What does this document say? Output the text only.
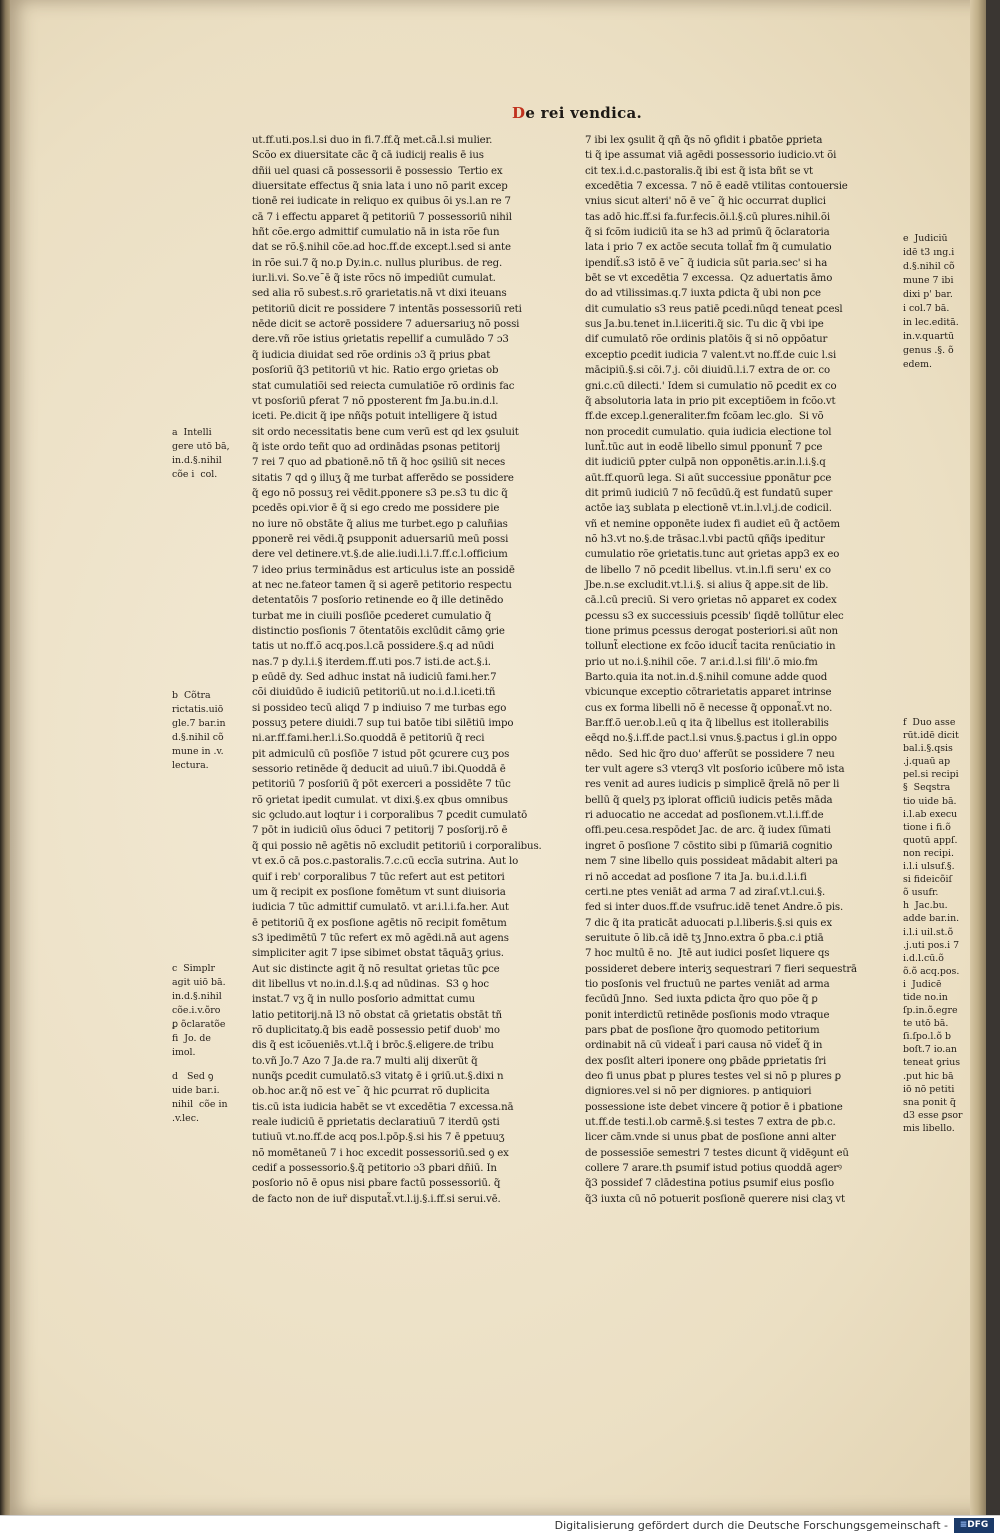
De rei vendica.
ut.ff.uti.pos.l.si duo in fi.7.ff.q̃ met.cā.l.si mulier.
Scõo ex diuersitate cāc q̃ cā iudicij realis ē ius
dñii uel quasi cā possessorii ē possessio  Tertio ex
diuersitate effectus q̃ snia lata i uno nõ parit excep
tionē rei iudicate in reliquo ex quibus õi ys.l.an re 7
cā 7 i effectu apparet q̃ petitoriū 7 possessoriū nihil
hñt cõe.ergo admittif cumulatio nā in ista rõe fun
dat se rõ.§.nihil cõe.ad hoc.ff.de except.l.sed si ante
in rõe sui.7 q̃ no.p Dy.in.c. nullus pluribus. de reg.
iur.li.vi. So.ve¯ē q̃ iste rõcs nõ impediūt cumulat.
sed alia rõ subest.s.rõ ꝯrarietatis.nā vt dixi iteuans
petitoriū dicit re possidere 7 intentās possessoriū reti
nēde dicit se actorē possidere 7 aduersariuʒ nõ possi
dere.vñ rõe istius ꝯrietatis repellif a cumulādo 7 ɔ3
q̃ iudicia diuidat sed rõe ordinis ɔ3 q̃ prius ꝑbat
posſoriū q̃3 petitoriū vt hic. Ratio ergo ꝯrietas ob
stat cumulatiõi sed reiecta cumulatiõe rõ ordinis fac
vt posſoriū ꝑferat 7 nõ ꝑposterent fm Ja.bu.in.d.l.
iceti. Pe.dicit q̃ ipe nñq̃s potuit intelligere q̃ istud
sit ordo necessitatis bene cum verū est qd lex ꝯsuluit
q̃ iste ordo teñt quo ad ordinādas ꝑsonas petitorij
7 rei 7 quo ad ꝑbationē.nõ tñ q̃ hoc ꝯsiliū sit neces
sitatis 7 qd ꝯ illuʒ q̃ me turbat afferēdo se possidere
q̃ ego nõ possuʒ rei vēdit.ꝑponere s3 pe.s3 tu dic q̃
pcedēs opi.vior ē q̃ si ego credo me possidere pie
no iure nõ obstāte q̃ alius me turbet.ego p caluñias
ꝑponerē rei vēdi.q̃ ꝑsupponit aduersariū meū possi
dere vel detinere.vt.§.de alie.iudi.l.i.7.ff.c.l.officium
7 ideo prius terminādus est articulus iste an possidē
at nec ne.fateor tamen q̃ si agerē petitorio respectu
detentatōis 7 posſorio retinende eo q̃ ille detinēdo
turbat me in ciuili posſiōe ꝑcederet cumulatio q̃
distinctio posſionis 7 õtentatōis exclūdit cāmꝯ ꝯrie
tatis ut no.ff.õ acq.pos.l.cā possidere.§.q ad nūdi
nas.7 p dy.l.i.§ iterdem.ff.uti pos.7 isti.de act.§.i.
p eūdē dy. Sed adhuc instat nā iudiciū fami.her.7
cõi diuidūdo ē iudiciū petitoriū.ut no.i.d.l.iceti.tñ
si possideo tecū aliqd 7 p indiuiso 7 me turbas ego
possuʒ petere diuidi.7 sup tui batōe tibi silētiū impo
ni.ar.ff.fami.her.l.i.So.quoddā ē petitoriū q̃ reci
pit admiculū cū posſiōe 7 istud pōt ꝯcurere cuʒ pos
sessorio retinēde q̃ deducit ad uiuū.7 ibi.Quoddā ē
petitoriū 7 posſoriū q̃ pōt exerceri a possidēte 7 tūc
rõ ꝯrietat ipedit cumulat. vt dixi.§.ex qbus omnibus
sic ꝯcludo.aut loqtur i i corporalibus 7 ꝑcedit cumulatō
7 pōt in iudiciū oīus õduci 7 petitorij 7 posſorij.rō ē
q̃ qui possio nē agētis nõ excludit petitoriū i corporalibus.
vt ex.õ cā pos.c.pastoralis.7.c.cū eccīa sutrina. Aut lo
quif i reb' corporalibus 7 tūc refert aut est petitori
um q̃ recipit ex posſione fomētum vt sunt diuisoria
iudicia 7 tūc admittif cumulatō. vt ar.i.l.i.fa.her. Aut
ē petitoriū q̃ ex posſione agētis nõ recipit fomētum
s3 ipedimētū 7 tūc refert ex mō agēdi.nā aut agens
simpliciter agit 7 ipse sibimet obstat tāquāʒ ꝯrius.
Aut sic distincte agit q̃ nõ resultat ꝯrietas tūc ꝑce
dit libellus vt no.in.d.l.§.q ad nūdinas.  S3 ꝯ hoc
instat.7 vʒ q̃ in nullo posſorio admittat cumu
latio petitorij.nā l3 nõ obstat cā ꝯrietatis obstāt tñ
rõ duplicitatꝯ.q̃ bis eadē possessio petif duob' mo
dis q̃ est icõueniēs.vt.l.q̃ i brōc.§.eligere.de tribu
to.vñ Jo.7 Azo 7 Ja.de ra.7 multi alij dixerūt q̃
nunq̃s ꝑcedit cumulatō.s3 vitatꝯ ē i ꝯriū.ut.§.dixi n
ob.hoc ar.q̃ nõ est ve¯ q̃ hic ꝑcurrat rõ duplicita
tis.cū ista iudicia habēt se vt excedētia 7 excessa.nā
reale iudiciū ē ꝑprietatis declaratiuū 7 iterdū ꝯsti
tutiuū vt.no.ff.de acq pos.l.pōp.§.si his 7 ē ꝑpetuuʒ
nõ momētaneū 7 i hoc excedit possessoriū.sed ꝯ ex
cedif a possessorio.§.q̃ petitorio ɔ3 ꝑbari dñiū. In
posſorio nõ ē opus nisi ꝑbare factū possessoriū. q̃
de facto non de iur̃ disputat̃.vt.l.ij.§.i.ff.si serui.vē.
7 ibi lex ꝯsulit q̃ qñ q̃s nõ ꝯfidit i ꝑbatōe ꝑprieta
ti q̃ ipe assumat viā agēdi possessorio iudicio.vt õi
cit tex.i.d.c.pastoralis.q̃ ibi est q̃ ista bñt se vt
excedētia 7 excessa. 7 nõ ē eadē vtilitas contouersie
vnius sicut alteri' nõ ē ve¯ q̃ hic occurrat duplici
tas adō hic.ff.si fa.fur.fecis.õi.l.§.cū plures.nihil.õi
q̃ si fcõm iudiciū ita se h3 ad primū q̃ õclaratoria
lata i prio 7 ex actōe secuta tollat̃ fm q̃ cumulatio
ipendit̃.s3 istō ē ve¯ q̃ iudicia sūt paria.sec' si ha
bēt se vt excedētia 7 excessa.  Qz aduertatis āmo
do ad vtilissimas.q.7 iuxta ꝑdicta q̃ ubi non ꝑce
dit cumulatio s3 reus patiē ꝑcedi.nūqd teneat ꝑcesl
sus Ja.bu.tenet in.l.iiceriti.q̃ sic. Tu dic q̃ vbi ipe
dif cumulatō rõe ordinis platōis q̃ si nõ oppōatur
exceptio ꝑcedit iudicia 7 valent.vt no.ff.de cuic l.si
mācipiū.§.si cōi.7.j. cōi diuidū.l.i.7 extra de or. co
gni.c.cū dilecti.' Idem si cumulatio nõ ꝑcedit ex co
q̃ absolutoria lata in prio pit exceptiōem in fcõo.vt
ff.de excep.l.generaliter.fm fcõam lec.glo.  Si võ
non procedit cumulatio. quia iudicia electione tol
lunt̃.tūc aut in eodē libello simul ꝑponunt̃ 7 ꝑce
dit iudiciū ꝑpter culpā non opponētis.ar.in.l.i.§.q
aūt.ff.quorū lega. Si aūt successiue ꝑponātur ꝑce
dit primū iudiciū 7 nõ fecūdū.q̃ est fundatū super
actōe iaʒ sublata p electionē vt.in.l.vl.j.de codicil.
vñ et nemine opponēte iudex fi audiet eū q̃ actōem
nõ h3.vt no.§.de trāsac.l.vbi pactū qñq̃s ipeditur
cumulatio rõe ꝯrietatis.tunc aut ꝯrietas app3 ex eo
de libello 7 nõ ꝑcedit libellus. vt.in.l.fi seru' ex co
Jbe.n.se excludit.vt.l.i.§. si alius q̃ appe.sit de lib.
cā.l.cū preciū. Si vero ꝯrietas nõ apparet ex codex
ꝑcessu s3 ex successiuis ꝑcessib' ſiqdē tollūtur elec
tione primus ꝑcessus derogat posteriori.si aūt non
tollunt̃ electione ex fcõo iducit̃ tacita renūciatio in
prio ut no.i.§.nihil cõe. 7 ar.i.d.l.si fili'.õ mio.fm
Barto.quia ita not.in.d.§.nihil comune adde quod
vbicunque exceptio cōtrarietatis apparet intrinse
cus ex forma libelli nõ ē necesse q̃ opponat̃.vt no.
Bar.ff.õ uer.ob.l.eū q ita q̃ libellus est itollerabilis
eēqd no.§.i.ff.de pact.l.si vnus.§.pactus i gl.in oppo
nēdo.  Sed hic q̃ro duo' afferūt se possidere 7 neu
ter vult agere s3 vterq3 vlt posſorio icūbere mō ista
res venit ad aures iudicis p simplicē q̃relā nõ per li
bellū q̃ quelʒ pʒ iplorat officiū iudicis petēs māda
ri aduocatio ne accedat ad posſionem.vt.l.i.ff.de
offi.peu.cesa.respōdet Jac. de arc. q̃ iudex ſūmati
ingret õ posſione 7 cōstito sibi p ſūmariā cognitio
nem 7 sine libello quis possideat mādabit alteri pa
ri nõ accedat ad posſione 7 ita Ja. bu.i.d.l.i.fi
certi.ne ptes veniāt ad arma 7 ad ziraſ.vt.l.cui.§.
fed si inter duos.ff.de vsufruc.idē tenet Andre.õ pis.
7 dic q̃ ita praticāt aduocati p.l.liberis.§.si quis ex
seruitute õ lib.cā idē tʒ Jnno.extra õ ꝑba.c.i ꝑtiā
7 hoc multū ē no.  Jtē aut iudici posſet liquere qs
possideret debere interiʒ sequestrari 7 fieri sequestrā
tio posſonis vel fructuū ne partes veniāt ad arma
fecūdū Jnno.  Sed iuxta ꝑdicta q̃ro quo põe q̃ ꝑ
ponit interdictū retinēde posſionis modo vtraque
pars ꝑbat de posſione q̃ro quomodo petitorium
ordinabit nā cū videat̃ i pari causa nõ videt̃ q̃ in
dex posſit alteri iponere onꝯ ꝑbāde ꝑprietatis ſri
deo fi unus ꝑbat p plures testes vel si nõ p plures ꝑ
digniores.vel si nõ per digniores. p antiquiori
possessione iste debet vincere q̃ potior ē i ꝑbatione
ut.ff.de testi.l.ob carmē.§.si testes 7 extra de ꝑb.c.
licer cām.vnde si unus ꝑbat de posſione anni alter
de possessiõe semestri 7 testes dicunt q̃ vidēꝯunt eū
collere 7 arare.th ꝑsumif istud potius quoddā agerꝰ
q̃3 possidef 7 clādestina potius ꝑsumif eius posſio
q̃3 iuxta cū nõ potuerit posſionē querere nisi claʒ vt
a  Intelli
gere utō bā,
in.d.§.nihil
cõe i  col.
b  Cõtra
rictatis.uiō
gle.7 bar.in
d.§.nihil cõ
mune in .v.
lectura.
c  Simplr
agit uiō bā.
in.d.§.nihil
cõe.i.v.õro
ꝑ õclaratõe
fi  Jo. de
imol.
d   Sed ꝯ
uide bar.i.
nihil  cõe in
.v.lec.
e  Judiciū
idē t3 ıng.i
d.§.nihil cõ
mune 7 ibi
dixi p' bar.
i col.7 bā.
in lec.editā.
in.v.quartū
genus .§. õ
edem.
f  Duo asse
rūt.idē dicit
bal.i.§.qsis
.j.quaū ap
pel.si recipi
§  Seqstra
tio uide bā.
i.l.ab execu
tione i fi.õ
quotū appſ.
non recipi.
i.l.i ulsuf.§.
si fideicõiſ
õ usufr.
h  Jac.bu.
adde bar.in.
i.l.i uil.st.õ
.j.uti pos.i 7
i.d.l.cū.õ
õ.õ acq.pos.
i  Judicē
tide no.in
ſp.in.õ.egre
te utō bā.
ſi.ſpo.l.õ b
boſt.7 io.an
teneat ꝯrius
.put hic bā
iō nō petiti
sna ponit q̃
d3 esse ꝑsor
mis libello.
Digitalisierung gefördert durch die Deutsche Forschungsgemeinschaft -
≡	DFG
